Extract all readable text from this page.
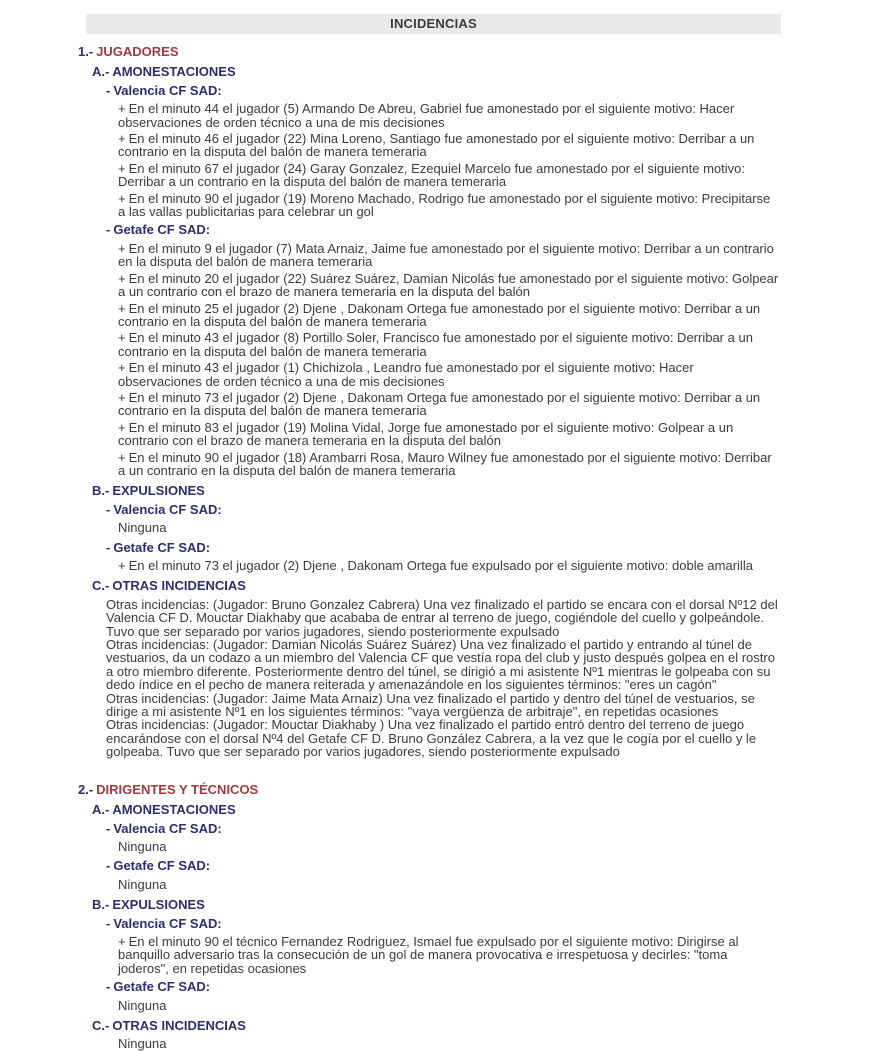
INCIDENCIAS
1.- JUGADORES
A.- AMONESTACIONES
- Valencia CF SAD:
+ En el minuto 44 el jugador (5) Armando De Abreu, Gabriel fue amonestado por el siguiente motivo: Hacer observaciones de orden técnico a una de mis decisiones
+ En el minuto 46 el jugador (22) Mina Loreno, Santiago fue amonestado por el siguiente motivo: Derribar a un contrario en la disputa del balón de manera temeraria
+ En el minuto 67 el jugador (24) Garay Gonzalez, Ezequiel Marcelo fue amonestado por el siguiente motivo: Derribar a un contrario en la disputa del balón de manera temeraria
+ En el minuto 90 el jugador (19) Moreno Machado, Rodrigo fue amonestado por el siguiente motivo: Precipitarse a las vallas publicitarias para celebrar un gol
- Getafe CF SAD:
+ En el minuto 9 el jugador (7) Mata Arnaiz, Jaime fue amonestado por el siguiente motivo: Derribar a un contrario en la disputa del balón de manera temeraria
+ En el minuto 20 el jugador (22) Suárez Suárez, Damian Nicolás fue amonestado por el siguiente motivo: Golpear a un contrario con el brazo de manera temeraria en la disputa del balón
+ En el minuto 25 el jugador (2) Djene , Dakonam Ortega fue amonestado por el siguiente motivo: Derribar a un contrario en la disputa del balón de manera temeraria
+ En el minuto 43 el jugador (8) Portillo Soler, Francisco fue amonestado por el siguiente motivo: Derribar a un contrario en la disputa del balón de manera temeraria
+ En el minuto 43 el jugador (1) Chichizola , Leandro fue amonestado por el siguiente motivo: Hacer observaciones de orden técnico a una de mis decisiones
+ En el minuto 73 el jugador (2) Djene , Dakonam Ortega fue amonestado por el siguiente motivo: Derribar a un contrario en la disputa del balón de manera temeraria
+ En el minuto 83 el jugador (19) Molina Vidal, Jorge fue amonestado por el siguiente motivo: Golpear a un contrario con el brazo de manera temeraria en la disputa del balón
+ En el minuto 90 el jugador (18) Arambarri Rosa, Mauro Wilney fue amonestado por el siguiente motivo: Derribar a un contrario en la disputa del balón de manera temeraria
B.- EXPULSIONES
- Valencia CF SAD:
Ninguna
- Getafe CF SAD:
+ En el minuto 73 el jugador (2) Djene , Dakonam Ortega fue expulsado por el siguiente motivo: doble amarilla
C.- OTRAS INCIDENCIAS
Otras incidencias: (Jugador: Bruno Gonzalez Cabrera) Una vez finalizado el partido se encara con el dorsal Nº12 del Valencia CF D. Mouctar Diakhaby que acababa de entrar al terreno de juego, cogiéndole del cuello y golpeándole. Tuvo que ser separado por varios jugadores, siendo posteriormente expulsado
Otras incidencias: (Jugador: Damian Nicolás Suárez Suárez) Una vez finalizado el partido y entrando al túnel de vestuarios, da un codazo a un miembro del Valencia CF que vestía ropa del club y justo después golpea en el rostro a otro miembro diferente. Posteriormente dentro del túnel, se dirigió a mi asistente Nº1 mientras le golpeaba con su dedo índice en el pecho de manera reiterada y amenazándole en los siguientes términos: "eres un cagón"
Otras incidencias: (Jugador: Jaime Mata Arnaiz) Una vez finalizado el partido y dentro del túnel de vestuarios, se dirige a mi asistente Nº1 en los siguientes términos: "vaya vergüenza de arbitraje", en repetidas ocasiones
Otras incidencias: (Jugador: Mouctar Diakhaby ) Una vez finalizado el partido entró dentro del terreno de juego encarándose con el dorsal Nº4 del Getafe CF D. Bruno González Cabrera, a la vez que le cogía por el cuello y le golpeaba. Tuvo que ser separado por varios jugadores, siendo posteriormente expulsado
2.- DIRIGENTES Y TÉCNICOS
A.- AMONESTACIONES
- Valencia CF SAD:
Ninguna
- Getafe CF SAD:
Ninguna
B.- EXPULSIONES
- Valencia CF SAD:
+ En el minuto 90 el técnico Fernandez Rodriguez, Ismael fue expulsado por el siguiente motivo: Dirigirse al banquillo adversario tras la consecución de un gol de manera provocativa e irrespetuosa y decirles: "toma joderos", en repetidas ocasiones
- Getafe CF SAD:
Ninguna
C.- OTRAS INCIDENCIAS
Ninguna
